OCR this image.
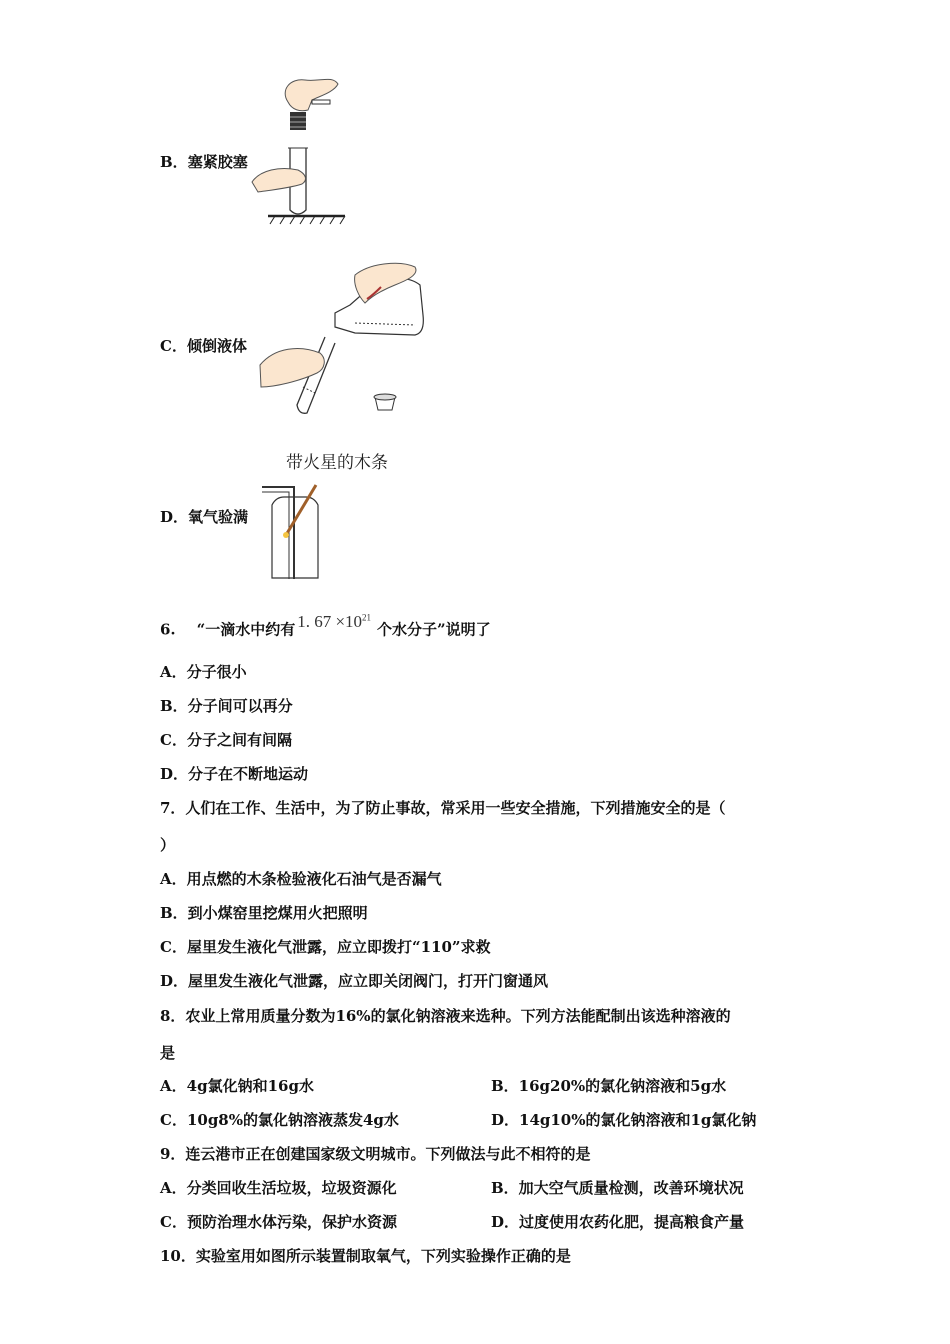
B．塞紧胶塞
C．倾倒液体
带火星的木条
D．氧气验满
6. “一滴水中约有 1. $67 \times 10^{21}$个水分子”说明了
A．分子很小
B．分子间可以再分
C．分子之间有间隔
D．分子在不断地运动
7．人们在工作、生活中，为了防止事故，常采用一些安全措施，下列措施安全的是（
）
A．用点燃的木条检验液化石油气是否漏气
B．到小煤窑里挖煤用火把照明
C．屋里发生液化气泄露，应立即拨打“110”求救
D．屋里发生液化气泄露，应立即关闭阀门，打开门窗通风
8．农业上常用质量分数为16%的氯化钠溶液来选种。下列方法能配制出该选种溶液的
是
A．4g氯化钠和16g水	B．16g20%的氯化钠溶液和5g水
C．10g8%的氯化钠溶液蒸发4g水	D．14g10%的氯化钠溶液和1g氯化钠
9．连云港市正在创建国家级文明城市。下列做法与此不相符的是
A．分类回收生活垃圾，垃圾资源化	B．加大空气质量检测，改善环境状况
C．预防治理水体污染，保护水资源	D．过度使用农药化肥，提高粮食产量
10．实验室用如图所示装置制取氧气，下列实验操作正确的是
